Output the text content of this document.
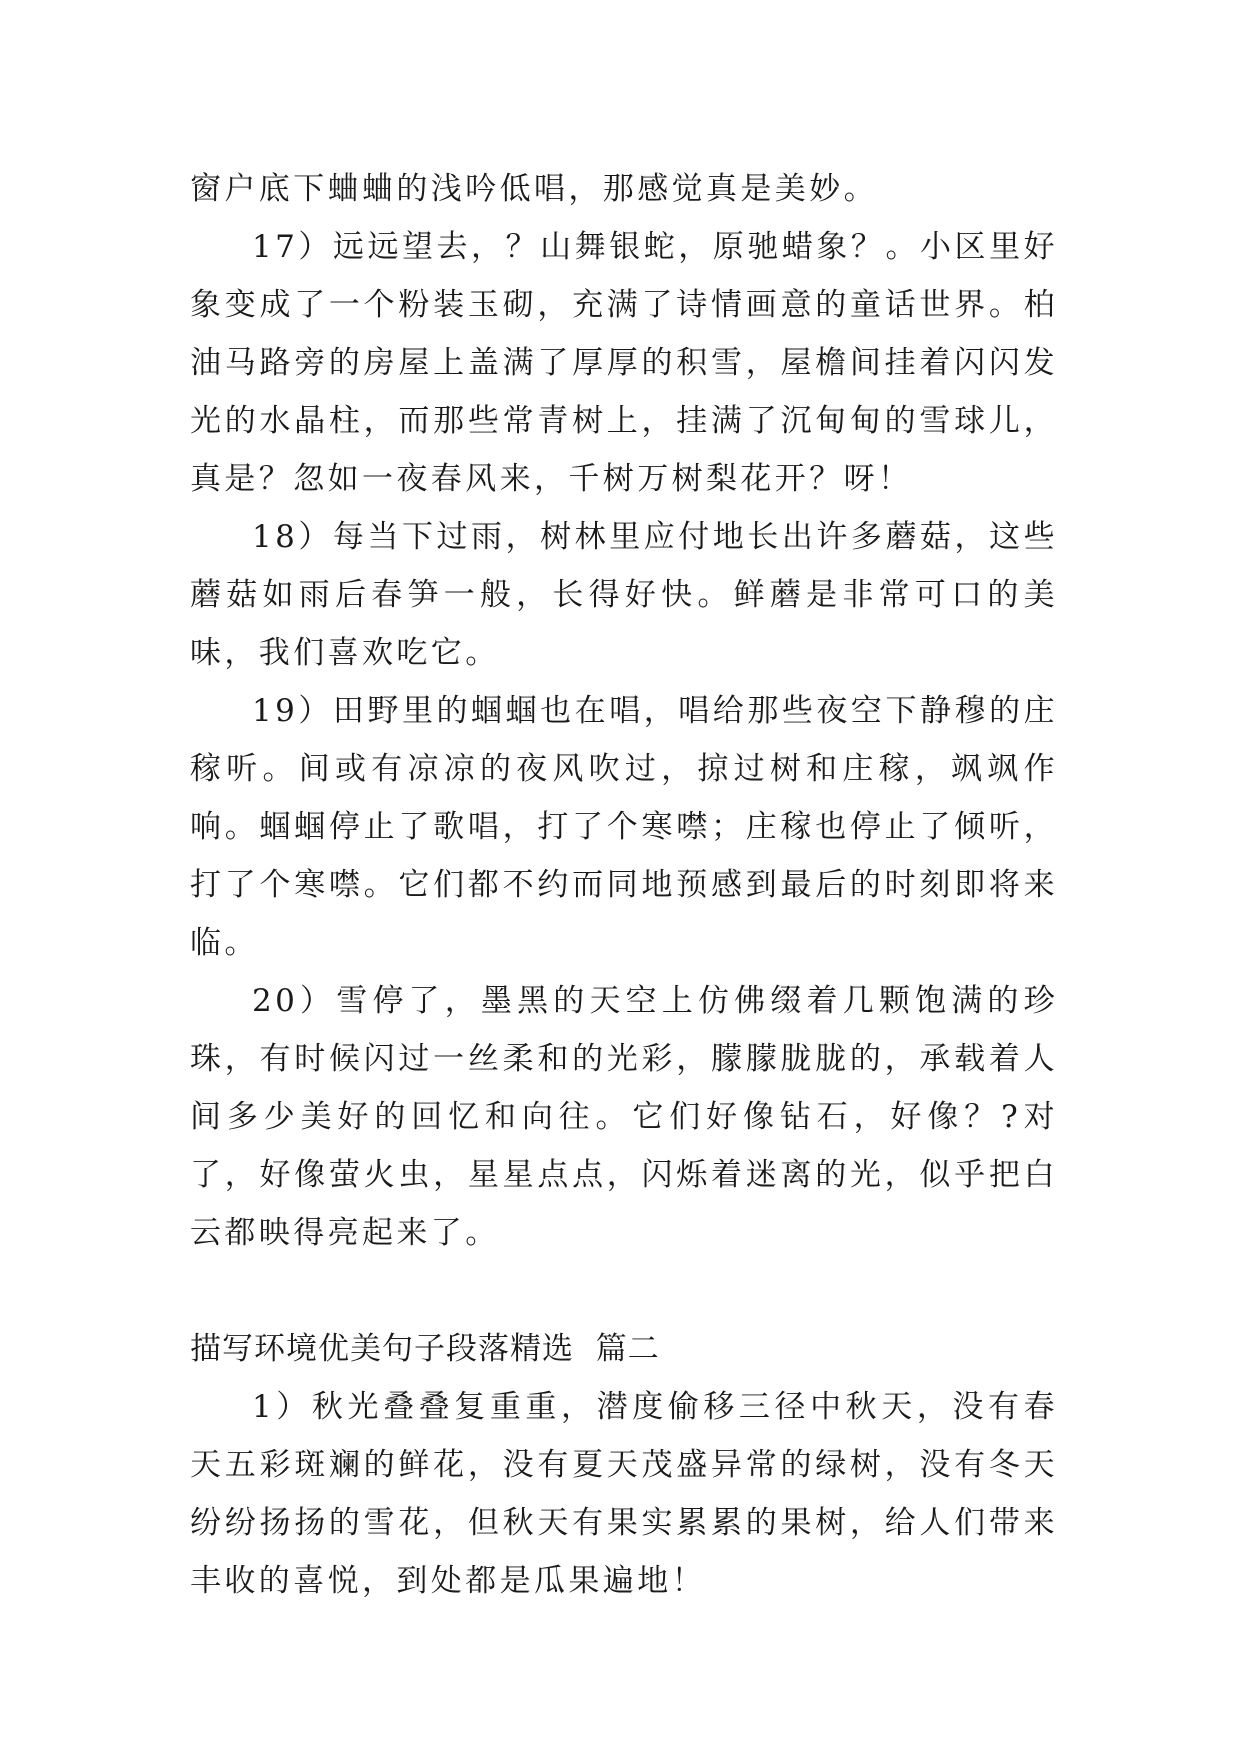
窗户底下蛐蛐的浅吟低唱，那感觉真是美妙。

17）远远望去，？山舞银蛇，原驰蜡象？。小区里好象变成了一个粉装玉砌，充满了诗情画意的童话世界。柏油马路旁的房屋上盖满了厚厚的积雪，屋檐间挂着闪闪发光的水晶柱，而那些常青树上，挂满了沉甸甸的雪球儿，真是？忽如一夜春风来，千树万树梨花开？呀！

18）每当下过雨，树林里应付地长出许多蘑菇，这些蘑菇如雨后春笋一般，长得好快。鲜蘑是非常可口的美味，我们喜欢吃它。

19）田野里的蝈蝈也在唱，唱给那些夜空下静穆的庄稼听。间或有凉凉的夜风吹过，掠过树和庄稼，飒飒作响。蝈蝈停止了歌唱，打了个寒噤；庄稼也停止了倾听，打了个寒噤。它们都不约而同地预感到最后的时刻即将来临。

20）雪停了，墨黑的天空上仿佛缀着几颗饱满的珍珠，有时候闪过一丝柔和的光彩，朦朦胧胧的，承载着人间多少美好的回忆和向往。它们好像钻石，好像？?对了，好像萤火虫，星星点点，闪烁着迷离的光，似乎把白云都映得亮起来了。

描写环境优美句子段落精选  篇二

1）秋光叠叠复重重，潜度偷移三径中秋天，没有春天五彩斑斓的鲜花，没有夏天茂盛异常的绿树，没有冬天纷纷扬扬的雪花，但秋天有果实累累的果树，给人们带来丰收的喜悦，到处都是瓜果遍地！
